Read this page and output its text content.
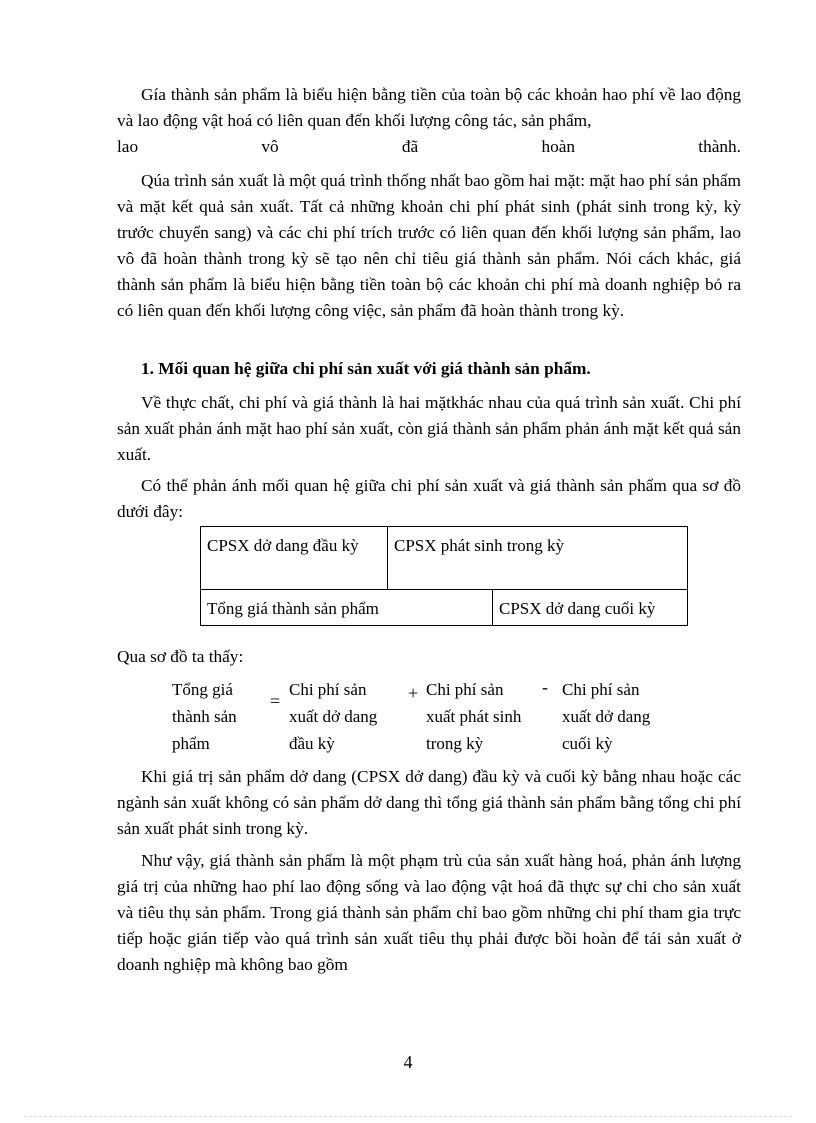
Gía thành sản phẩm là biểu hiện bằng tiền của toàn bộ các khoản hao phí về lao động và lao động vật hoá có liên quan đến khối lượng công tác, sản phẩm,

lao vô đã hoàn thành.

Qúa trình sản xuất là một quá trình thống nhất bao gồm hai mặt: mặt hao phí sản phẩm và mặt kết quả sản xuất. Tất cả những khoản chi phí phát sinh (phát sinh trong kỳ, kỳ trước chuyển sang) và các chi phí trích trước có liên quan đến khối lượng sản phẩm, lao vô đã hoàn thành trong kỳ sẽ tạo nên chỉ tiêu giá thành sản phẩm. Nói cách khác, giá thành sản phẩm là biểu hiện bằng tiền toàn bộ các khoản chi phí mà doanh nghiệp bỏ ra có liên quan đến khối lượng công việc, sản phẩm đã hoàn thành trong kỳ.

1. Mối quan hệ giữa chi phí sản xuất với giá thành sản phẩm.

Về thực chất, chi phí và giá thành là hai mặtkhác nhau của quá trình sản xuất. Chi phí sản xuất phản ánh mặt hao phí sản xuất, còn giá thành sản phẩm phản ánh mặt kết quả sản xuất.

Có thể phản ánh mối quan hệ giữa chi phí sản xuất và giá thành sản phẩm qua sơ đồ dưới đây:

CPSX dở dang đầu kỳ	CPSX phát sinh trong kỳ	
Tổng giá thành sản phẩm		CPSX dở dang cuối kỳ

Qua sơ đồ ta thấy:

Tổng giá
thành sản
phẩm
=
Chi phí sản
xuất dở dang
đầu kỳ
+ Chi phí sản
xuất phát sinh
trong kỳ
- Chi phí sản
xuất dở dang
cuối kỳ

Khi giá trị sản phẩm dở dang (CPSX dở dang) đầu kỳ và cuối kỳ bằng nhau hoặc các ngành sản xuất không có sản phẩm dở dang thì tổng giá thành sản phẩm bằng tổng chi phí sản xuất phát sinh trong kỳ.

Như vậy, giá thành sản phẩm là một phạm trù của sản xuất hàng hoá, phản ánh lượng giá trị của những hao phí lao động sống và lao động vật hoá đã thực sự chi cho sản xuất và tiêu thụ sản phẩm. Trong giá thành sản phẩm chỉ bao gồm những chi phí tham gia trực tiếp hoặc gián tiếp vào quá trình sản xuất tiêu thụ phải được bồi hoàn để tái sản xuất ở doanh nghiệp mà không bao gồm

4
